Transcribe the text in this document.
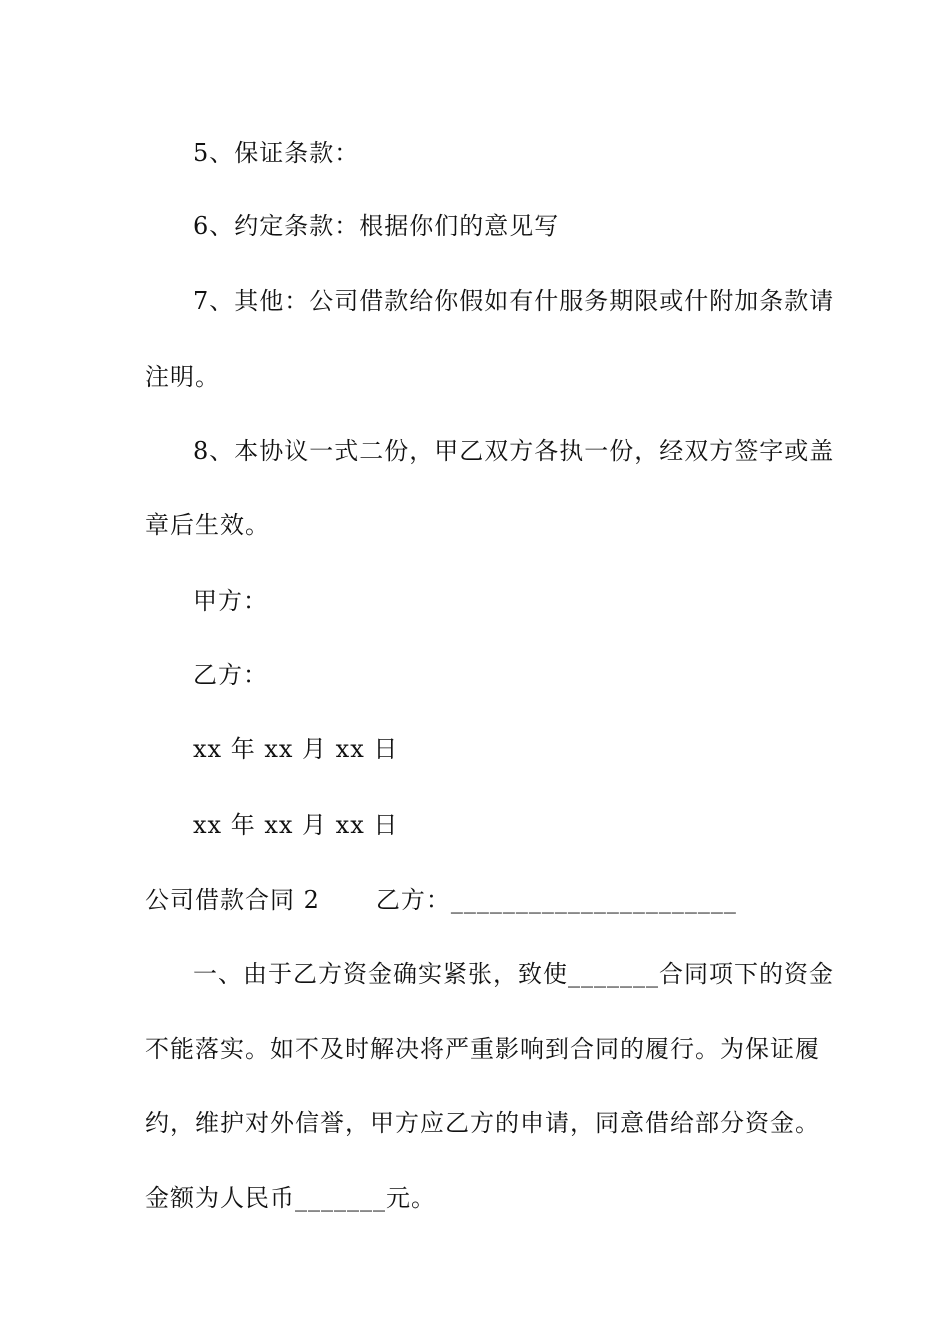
5、保证条款：
6、约定条款：根据你们的意见写
7、其他：公司借款给你假如有什服务期限或什附加条款请
注明。
8、本协议一式二份，甲乙双方各执一份，经双方签字或盖
章后生效。
甲方：
乙方：
xx 年 xx 月 xx 日
xx 年 xx 月 xx 日
公司借款合同 2 乙方：______________________
一、由于乙方资金确实紧张，致使_______合同项下的资金
不能落实。如不及时解决将严重影响到合同的履行。为保证履
约，维护对外信誉，甲方应乙方的申请，同意借给部分资金。
金额为人民币_______元。
